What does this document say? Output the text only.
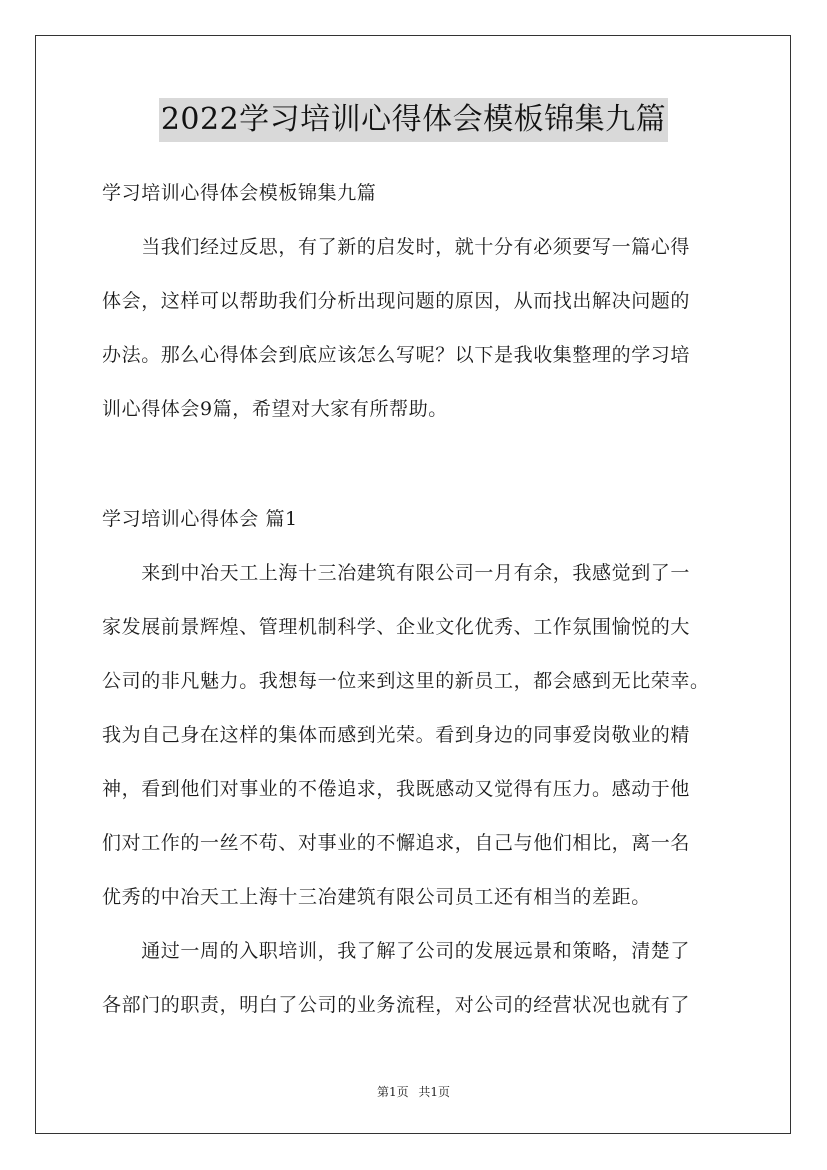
2022学习培训心得体会模板锦集九篇
学习培训心得体会模板锦集九篇
　　当我们经过反思，有了新的启发时，就十分有必须要写一篇心得
体会，这样可以帮助我们分析出现问题的原因，从而找出解决问题的
办法。那么心得体会到底应该怎么写呢？以下是我收集整理的学习培
训心得体会9篇，希望对大家有所帮助。
学习培训心得体会 篇1
　　来到中冶天工上海十三冶建筑有限公司一月有余，我感觉到了一
家发展前景辉煌、管理机制科学、企业文化优秀、工作氛围愉悦的大
公司的非凡魅力。我想每一位来到这里的新员工，都会感到无比荣幸。
我为自己身在这样的集体而感到光荣。看到身边的同事爱岗敬业的精
神，看到他们对事业的不倦追求，我既感动又觉得有压力。感动于他
们对工作的一丝不苟、对事业的不懈追求，自己与他们相比，离一名
优秀的中冶天工上海十三冶建筑有限公司员工还有相当的差距。
　　通过一周的入职培训，我了解了公司的发展远景和策略，清楚了
各部门的职责，明白了公司的业务流程，对公司的经营状况也就有了
第1页 共1页
